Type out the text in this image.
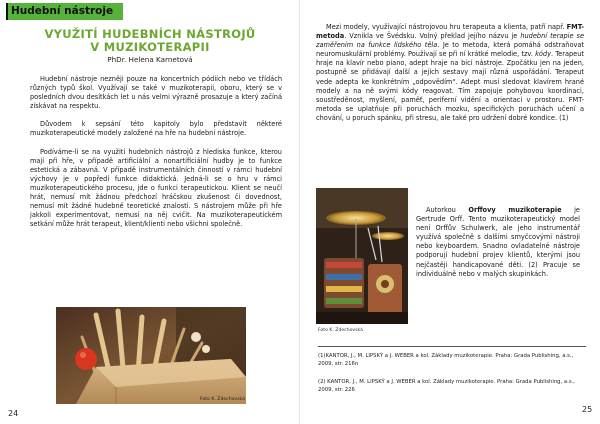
Hudební nástroje
VYUŽITÍ HUDEBNÍCH NÁSTROJŮ
V MUZIKOTERAPII
PhDr. Helena Karnetová

Hudební nástroje nezněji pouze na koncertních pódiích nebo ve třídách různých typů škol. Využívají se také v muzikoterapii, oboru, který se v posledních dvou desítkách let u nás velmi výrazně prosazuje a který začíná získávat na respektu.

Důvodem k sepsání této kapitoly bylo představit některé muzikoterapeutické modely založené na hře na hudební nástroje.

Podíváme-li se na využití hudebních nástrojů z hlediska funkce, kterou mají při hře, v případě artificiální a nonartificiální hudby je to funkce estetická a zábavná. V případě instrumentálních činností v rámci hudební výchovy je v popředí funkce didaktická. Jedná-li se o hru v rámci muzikoterapeutického procesu, jde o funkci terapeutickou. Klient se neučí hrát, nemusí mít žádnou předchozí hráčskou zkušenost či dovednost, nemusí mít žádné hudebně teoretické znalosti. S nástrojem může při hře jakkoli experimentovat, nemusí na něj cvičit. Na muzikoterapeutickém setkání může hrát terapeut, klient/klienti nebo všichni společně.

Foto K. Zdechovská
24

Mezi modely, využívající nástrojovou hru terapeuta a klienta, patří např. FMT-metoda. Vznikla ve Švédsku. Volný překlad jejího názvu je hudební terapie se zaměřením na funkce lidského těla. Je to metoda, která pomáhá odstraňovat neuromuskulární problémy. Používají se při ní krátké melodie, tzv. kódy. Terapeut hraje na klavír nebo piano, adept hraje na bici nástroje. Zpočátku jen na jeden, postupně se přidávají další a jejich sestavy mají různá uspořádání. Terapeut vede adepta ke konkrétním „odpovědím“. Adept musí sledovat klavírem hrané modely a na ně svými kódy reagovat. Tím zapojuje pohybovou koordinaci, soustředěnost, myšlení, paměť, periferní vidění a orientaci v prostoru. FMT-metoda se uplatňuje při poruchách mozku, specifických poruchách učení a chování, u poruch spánku, při stresu, ale také pro udržení dobré kondice. (1)

Foto K. Zdechovská
Autorkou Orffovy muzikoterapie je Gertrude Orff. Tento muzikoterapeutický model není Orffův Schulwerk, ale jeho instrumentář využívá společně s dalšími smyčcovými nástroji nebo keyboardem. Snadno ovladatelné nástroje podporují hudební projev klientů, kterými jsou nejčastěji handicapované děti. (2) Pracuje se individuálně nebo v malých skupinkách.
(1)KANTOR, J., M. LIPSKÝ a J. WEBER a kol. Základy muzikoterapie. Praha: Grada Publishing, a.s., 2009, str. 216n
(2) KANTOR, J., M. LIPSKÝ a J. WEBER a kol. Základy muzikoterapie. Praha: Grada Publishing, a.s., 2009, str. 226
25
